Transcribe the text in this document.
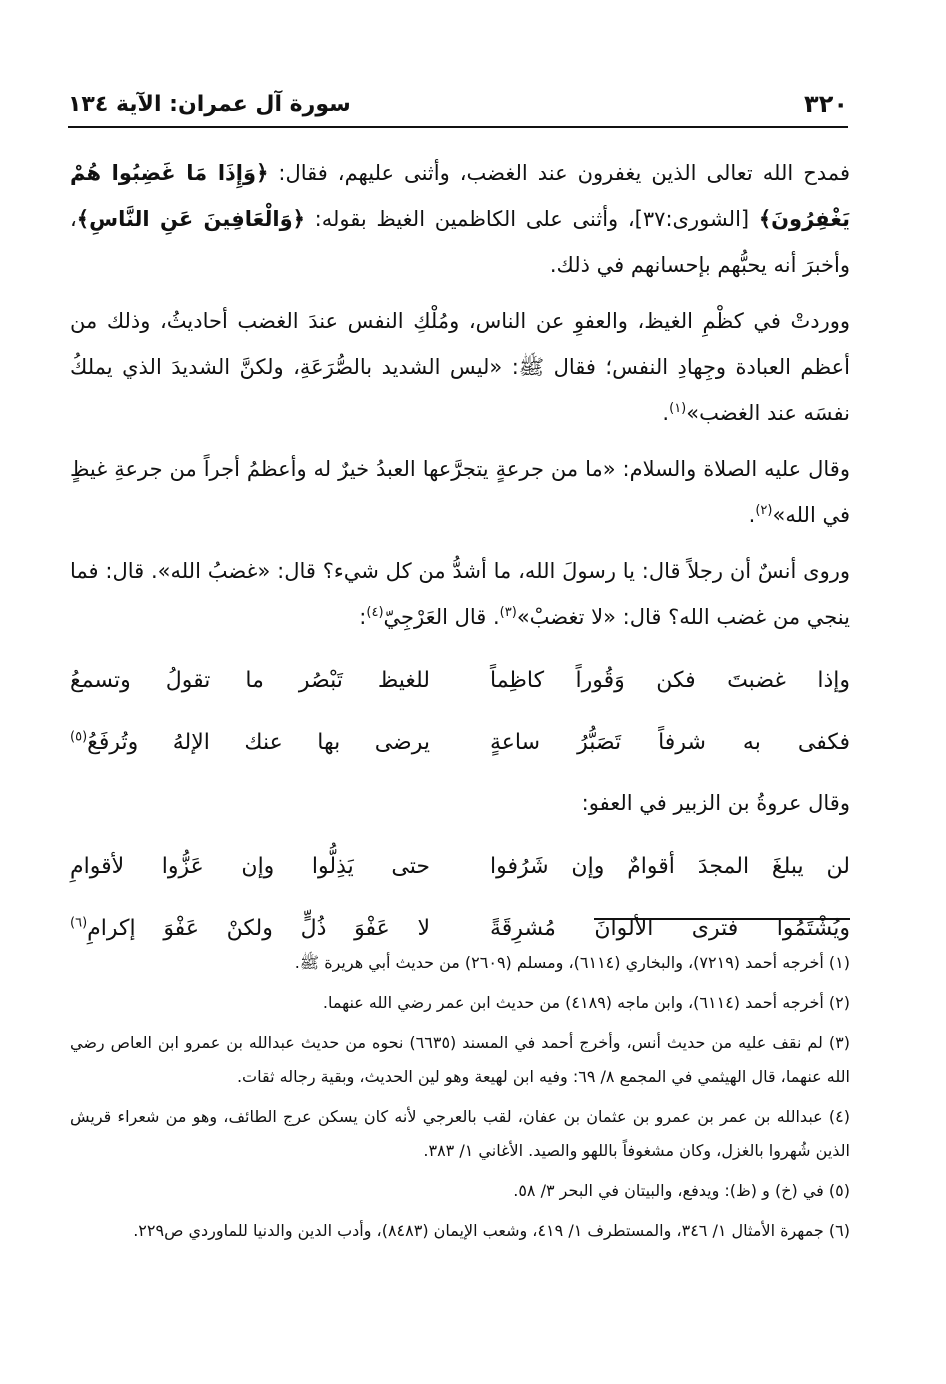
٣٢٠
سورة آل عمران: الآية ١٣٤

فمدح الله تعالى الذين يغفرون عند الغضب، وأثنى عليهم، فقال: ﴿وَإِذَا مَا غَضِبُوا هُمْ يَغْفِرُونَ﴾ [الشورى:٣٧]، وأثنى على الكاظمين الغيظ بقوله: ﴿وَالْعَافِينَ عَنِ النَّاسِ﴾، وأخبرَ أنه يحبُّهم بإحسانهم في ذلك.

ووردتْ في كظْمِ الغيظ، والعفوِ عن الناس، ومُلْكِ النفس عندَ الغضب أحاديثُ، وذلك من أعظم العبادة وجِهادِ النفس؛ فقال ﷺ: «ليس الشديد بالصُّرَعَةِ، ولكنَّ الشديدَ الذي يملكُ نفسَه عند الغضب»$^{(١)}$.

وقال عليه الصلاة والسلام: «ما من جرعةٍ يتجرَّعها العبدُ خيرٌ له وأعظمُ أجراً من جرعةِ غيظٍ في الله»$^{(٢)}$.

وروى أنسٌ أن رجلاً قال: يا رسولَ الله، ما أشدُّ من كل شيء؟ قال: «غضبُ الله». قال: فما ينجي من غضب الله؟ قال: «لا تغضبْ»$^{(٣)}$. قال العَرْجِيّ$^{(٤)}$:

وإذا غضبتَ فكن وَقُوراً كاظِماً
للغيظ تَبْصُر ما تقولُ وتسمعُ
فكفى به شرفاً تَصَبُّرُ ساعةٍ
يرضى بها عنك الإلهُ وتُرفَعُ$^{(٥)}$

وقال عروةُ بن الزبير في العفو:

لن يبلغَ المجدَ أقوامٌ وإن شَرُفوا
حتى يَذِلُّوا وإن عَزُّوا لأقوامِ
ويُشْتَمُوا فترى الألوانَ مُشرِقَةً
لا عَفْوَ ذُلٍّ ولكنْ عَفْوَ إكرامِ$^{(٦)}$

(١) أخرجه أحمد (٧٢١٩)، والبخاري (٦١١٤)، ومسلم (٢٦٠٩) من حديث أبي هريرة ﷺ.

(٢) أخرجه أحمد (٦١١٤)، وابن ماجه (٤١٨٩) من حديث ابن عمر رضي الله عنهما.

(٣) لم نقف عليه من حديث أنس، وأخرج أحمد في المسند (٦٦٣٥) نحوه من حديث عبدالله بن عمرو ابن العاص رضي الله عنهما، قال الهيثمي في المجمع ٨/ ٦٩: وفيه ابن لهيعة وهو لين الحديث، وبقية رجاله ثقات.

(٤) عبدالله بن عمر بن عمرو بن عثمان بن عفان، لقب بالعرجي لأنه كان يسكن عرج الطائف، وهو من شعراء قريش الذين شُهروا بالغزل، وكان مشغوفاً باللهو والصيد. الأغاني ١/ ٣٨٣.

(٥) في (خ) و (ظ): ويدفع، والبيتان في البحر ٣/ ٥٨.

(٦) جمهرة الأمثال ١/ ٣٤٦، والمستطرف ١/ ٤١٩، وشعب الإيمان (٨٤٨٣)، وأدب الدين والدنيا للماوردي ص٢٢٩.
